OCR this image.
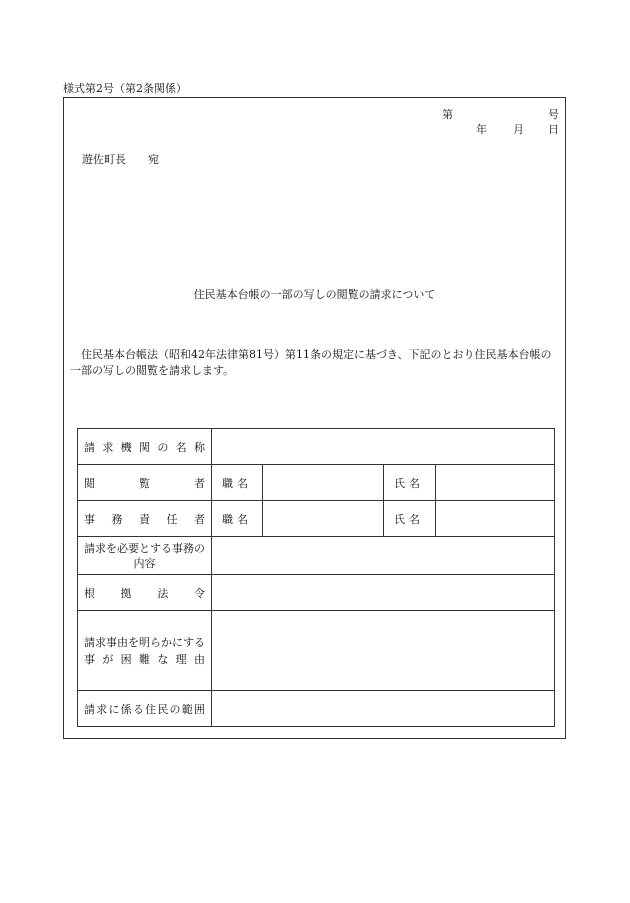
様式第2号（第2条関係）
第	号
年 月 日
遊佐町長 宛
住民基本台帳の一部の写しの閲覧の請求について
住民基本台帳法（昭和42年法律第81号）第11条の規定に基づき、下記のとおり住民基本台帳の一部の写しの閲覧を請求します。
請求機関の名称				
閲覧者	職名		氏名	
事務責任者	職名		氏名	
請求を必要とする事務の内容				
根拠法令				
請求事由を明らかにする事が困難な理由				
請求に係る住民の範囲				
